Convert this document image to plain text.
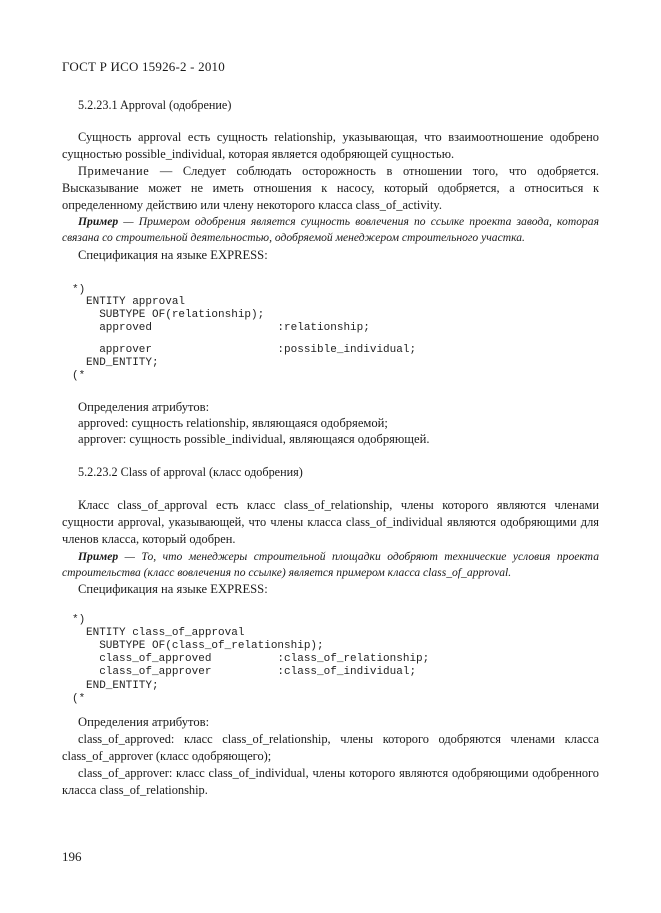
ГОСТ Р ИСО 15926-2 - 2010
5.2.23.1 Approval (одобрение)
Сущность approval есть сущность relationship, указывающая, что взаимоотношение одобрено сущностью possible_individual, которая является одобряющей сущностью.
Примечание — Следует соблюдать осторожность в отношении того, что одобряется. Высказывание может не иметь отношения к насосу, который одобряется, а относиться к определенному действию или члену некоторого класса class_of_activity.
Пример — Примером одобрения является сущность вовлечения по ссылке проекта завода, которая связана со строительной деятельностью, одобряемой менеджером строительного участка.
Спецификация на языке EXPRESS:
*)
ENTITY approval
SUBTYPE OF(relationship);
approved                   :relationship;
approver                   :possible_individual;
END_ENTITY;
(*
Определения атрибутов:
approved: сущность relationship, являющаяся одобряемой;
approver: сущность possible_individual, являющаяся одобряющей.
5.2.23.2 Class of approval (класс одобрения)
Класс class_of_approval есть класс class_of_relationship, члены которого являются членами сущности approval, указывающей, что члены класса class_of_individual являются одобряющими для членов класса, который одобрен.
Пример — То, что менеджеры строительной площадки одобряют технические условия проекта строительства (класс вовлечения по ссылке) является примером класса class_of_approval.
Спецификация на языке EXPRESS:
*)
ENTITY class_of_approval
SUBTYPE OF(class_of_relationship);
class_of_approved          :class_of_relationship;
class_of_approver          :class_of_individual;
END_ENTITY;
(*
Определения атрибутов:
class_of_approved: класс class_of_relationship, члены которого одобряются членами класса class_of_approver (класс одобряющего);
class_of_approver: класс class_of_individual, члены которого являются одобряющими одобренного класса class_of_relationship.
196
